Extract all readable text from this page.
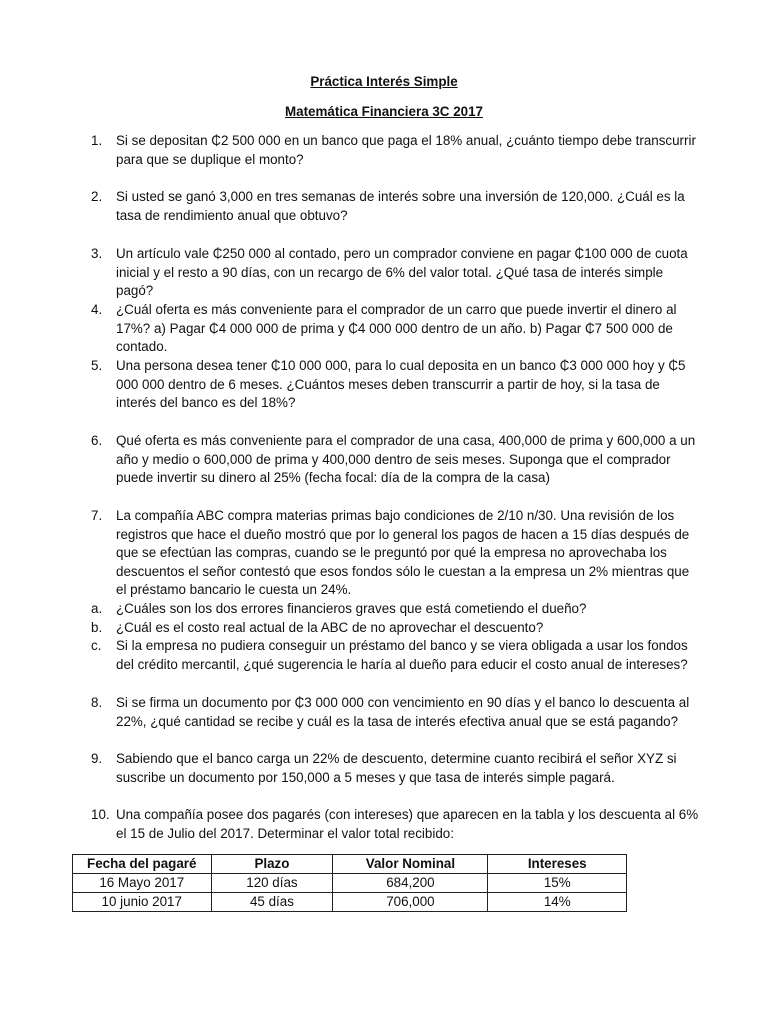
Práctica Interés Simple
Matemática Financiera 3C 2017
1.	Si se depositan ₵2 500 000 en un banco que paga el 18% anual, ¿cuánto tiempo debe transcurrir para que se duplique el monto?
2.	Si usted se ganó 3,000 en tres semanas de interés sobre una inversión de 120,000. ¿Cuál es la tasa de rendimiento anual que obtuvo?
3.	Un artículo vale ₵250 000 al contado, pero un comprador conviene en pagar ₵100 000 de cuota inicial y el resto a 90 días, con un recargo de 6% del valor total. ¿Qué tasa de interés simple pagó?
4.	¿Cuál oferta es más conveniente para el comprador de un carro que puede invertir el dinero al 17%? a) Pagar ₵4 000 000 de prima y ₵4 000 000 dentro de un año. b) Pagar ₵7 500 000 de contado.
5.	Una persona desea tener ₵10 000 000, para lo cual deposita en un banco ₵3 000 000 hoy y ₵5 000 000 dentro de 6 meses. ¿Cuántos meses deben transcurrir a partir de hoy, si la tasa de interés del banco es del 18%?
6.	Qué oferta es más conveniente para el comprador de una casa, 400,000 de prima y 600,000 a un año y medio o 600,000 de prima y 400,000 dentro de seis meses. Suponga que el comprador puede invertir su dinero al 25% (fecha focal: día de la compra de la casa)
7.	La compañía ABC compra materias primas bajo condiciones de 2/10 n/30. Una revisión de los registros que hace el dueño mostró que por lo general los pagos de hacen a 15 días después de que se efectúan las compras, cuando se le preguntó por qué la empresa no aprovechaba los descuentos el señor contestó que esos fondos sólo le cuestan a la empresa un 2% mientras que el préstamo bancario le cuesta un 24%.
a. ¿Cuáles son los dos errores financieros graves que está cometiendo el dueño?
b. ¿Cuál es el costo real actual de la ABC de no aprovechar el descuento?
c. Si la empresa no pudiera conseguir un préstamo del banco y se viera obligada a usar los fondos del crédito mercantil, ¿qué sugerencia le haría al dueño para educir el costo anual de intereses?
8.	Si se firma un documento por ₵3 000 000 con vencimiento en 90 días y el banco lo descuenta al 22%, ¿qué cantidad se recibe y cuál es la tasa de interés efectiva anual que se está pagando?
9.	Sabiendo que el banco carga un 22% de descuento, determine cuanto recibirá el señor XYZ si suscribe un documento por 150,000 a 5 meses y que tasa de interés simple pagará.
10. Una compañía posee dos pagarés (con intereses) que aparecen en la tabla y los descuenta al 6% el 15 de Julio del 2017. Determinar el valor total recibido:
Fecha del pagaré	Plazo	Valor Nominal	Intereses
16 Mayo 2017	120 días	684,200	15%
10 junio 2017	45 días	706,000	14%
